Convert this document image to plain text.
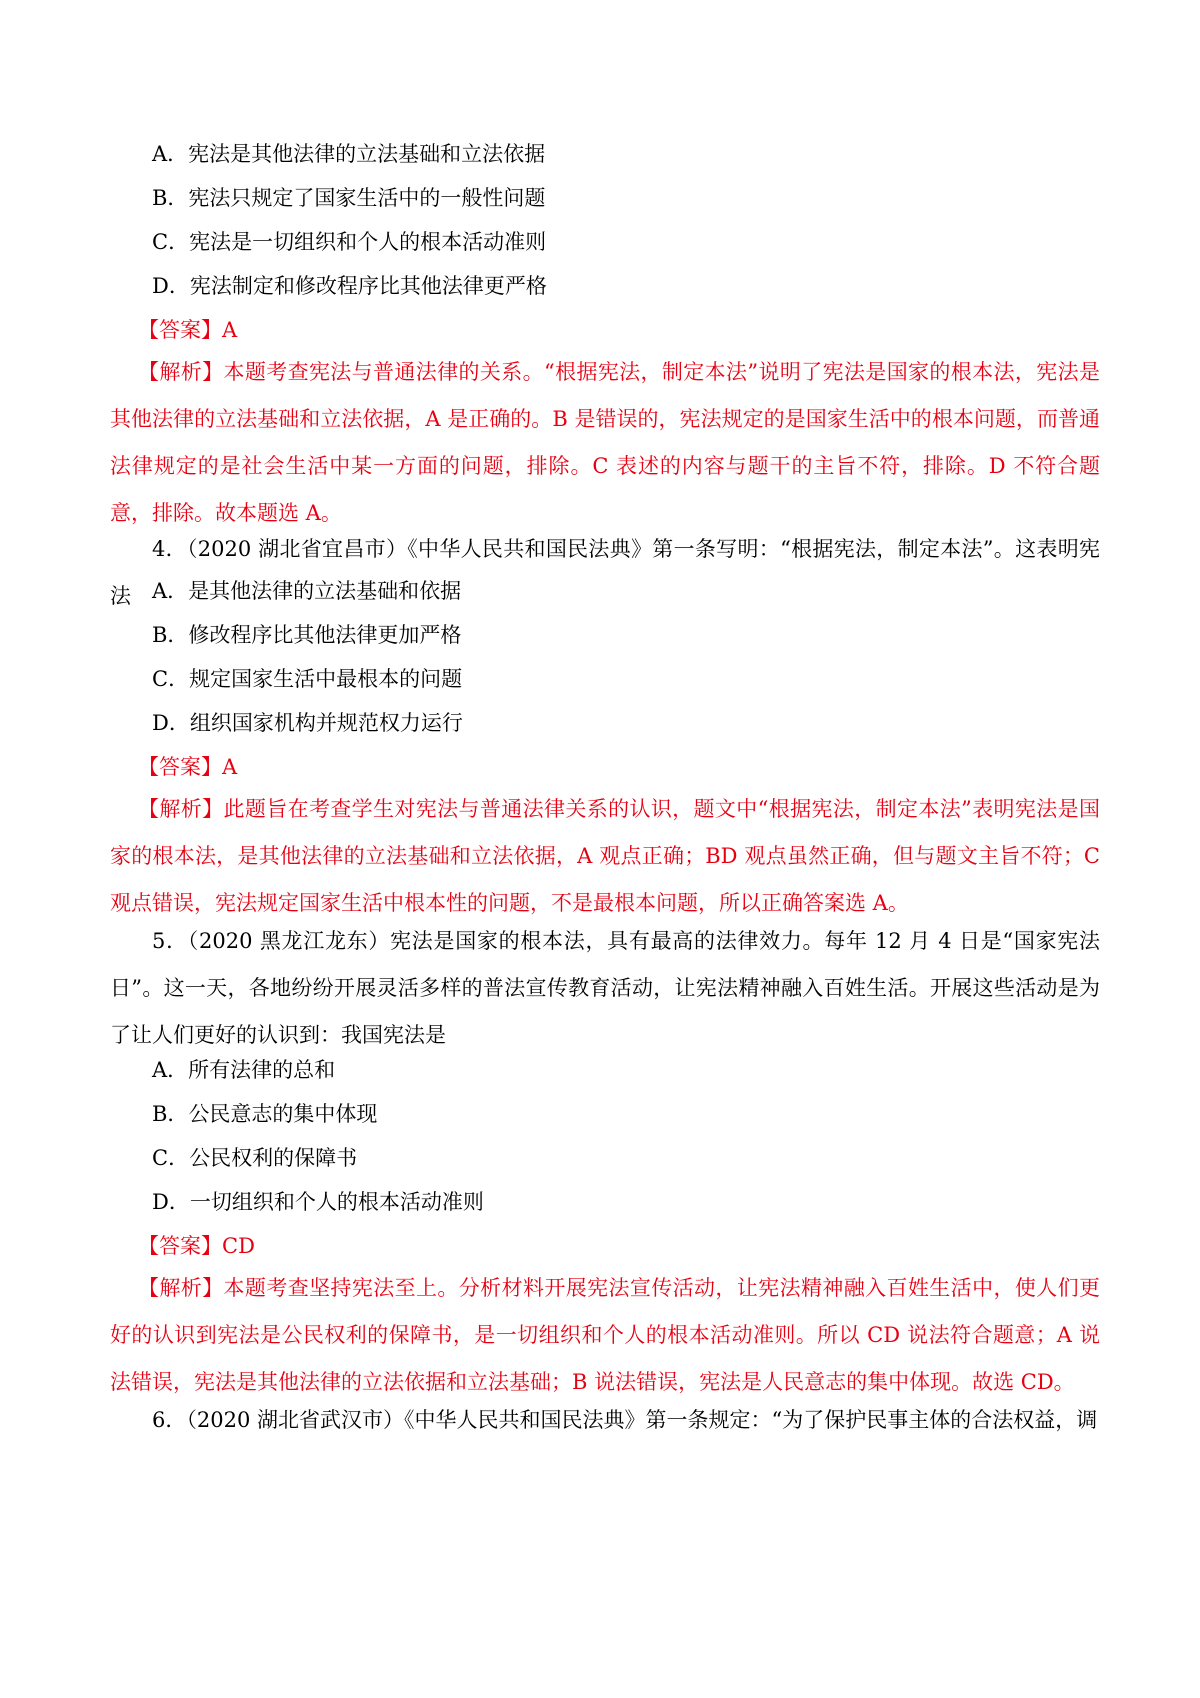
A．宪法是其他法律的立法基础和立法依据
B．宪法只规定了国家生活中的一般性问题
C．宪法是一切组织和个人的根本活动准则
D．宪法制定和修改程序比其他法律更严格
【答案】A
【解析】本题考查宪法与普通法律的关系。“根据宪法，制定本法”说明了宪法是国家的根本法，宪法是其他法律的立法基础和立法依据，A 是正确的。B 是错误的，宪法规定的是国家生活中的根本问题，而普通法律规定的是社会生活中某一方面的问题，排除。C 表述的内容与题干的主旨不符，排除。D 不符合题意，排除。故本题选 A。
4．（2020 湖北省宜昌市）《中华人民共和国民法典》第一条写明：“根据宪法，制定本法”。这表明宪法	A．是其他法律的立法基础和依据
B．修改程序比其他法律更加严格
C．规定国家生活中最根本的问题
D．组织国家机构并规范权力运行
【答案】A
【解析】此题旨在考查学生对宪法与普通法律关系的认识，题文中“根据宪法，制定本法”表明宪法是国家的根本法，是其他法律的立法基础和立法依据，A 观点正确；BD 观点虽然正确，但与题文主旨不符；C 观点错误，宪法规定国家生活中根本性的问题，不是最根本问题，所以正确答案选 A。
5．（2020 黑龙江龙东）宪法是国家的根本法，具有最高的法律效力。每年 12 月 4 日是“国家宪法日”。这一天，各地纷纷开展灵活多样的普法宣传教育活动，让宪法精神融入百姓生活。开展这些活动是为了让人们更好的认识到：我国宪法是
A．所有法律的总和
B．公民意志的集中体现
C．公民权利的保障书
D．一切组织和个人的根本活动准则
【答案】CD
【解析】本题考查坚持宪法至上。分析材料开展宪法宣传活动，让宪法精神融入百姓生活中，使人们更好的认识到宪法是公民权利的保障书，是一切组织和个人的根本活动准则。所以 CD 说法符合题意；A 说法错误，宪法是其他法律的立法依据和立法基础；B 说法错误，宪法是人民意志的集中体现。故选 CD。
6．（2020 湖北省武汉市）《中华人民共和国民法典》第一条规定：“为了保护民事主体的合法权益，调
